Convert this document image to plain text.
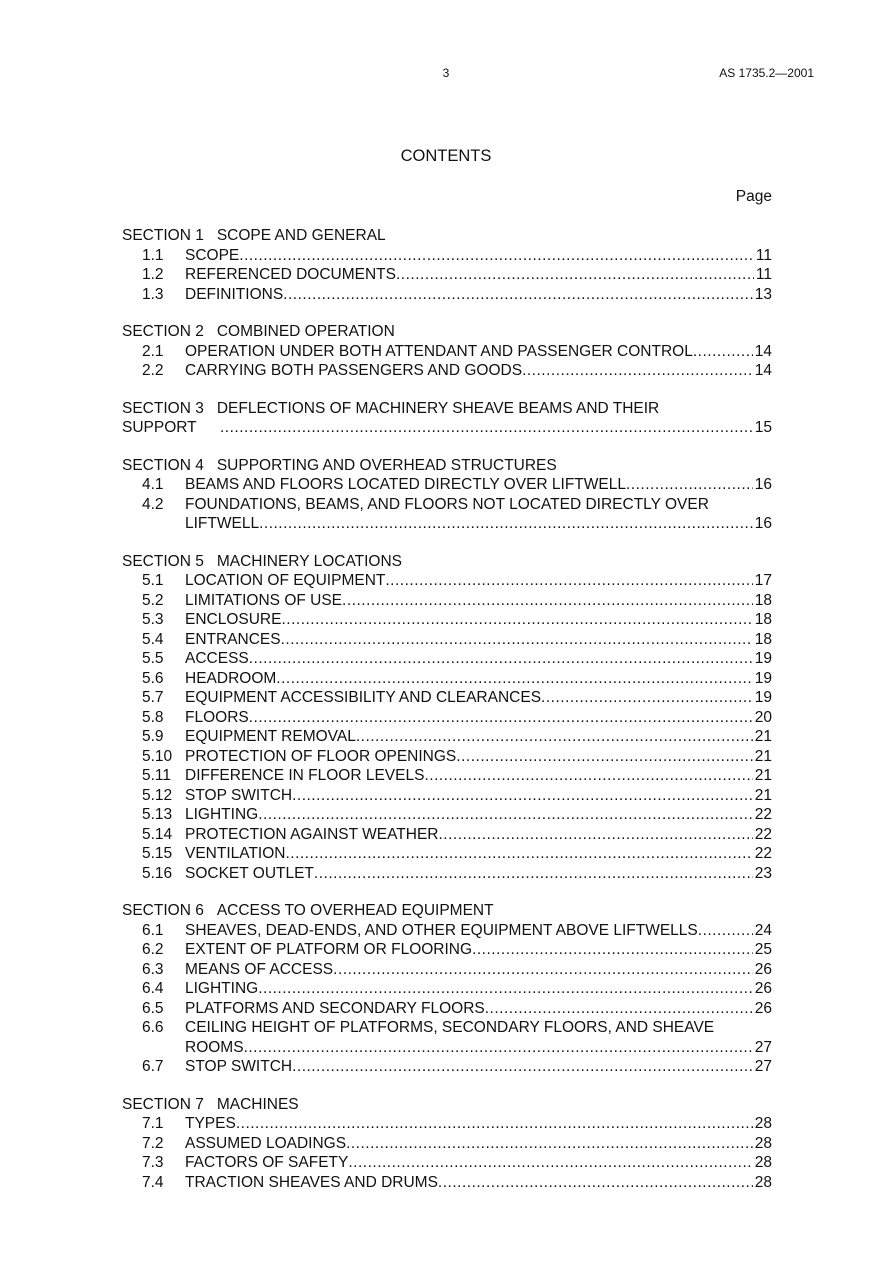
3	AS 1735.2—2001
CONTENTS
Page
SECTION 1 SCOPE AND GENERAL
1.1 SCOPE .....	11
1.2 REFERENCED DOCUMENTS .....	11
1.3 DEFINITIONS .....	13
SECTION 2 COMBINED OPERATION
2.1 OPERATION UNDER BOTH ATTENDANT AND PASSENGER CONTROL .....	14
2.2 CARRYING BOTH PASSENGERS AND GOODS .....	14
SECTION 3 DEFLECTIONS OF MACHINERY SHEAVE BEAMS AND THEIR
SUPPORT .....	15
SECTION 4 SUPPORTING AND OVERHEAD STRUCTURES
4.1 BEAMS AND FLOORS LOCATED DIRECTLY OVER LIFTWELL .....	16
4.2 FOUNDATIONS, BEAMS, AND FLOORS NOT LOCATED DIRECTLY OVER
LIFTWELL .....	16
SECTION 5 MACHINERY LOCATIONS
5.1 LOCATION OF EQUIPMENT .....	17
5.2 LIMITATIONS OF USE .....	18
5.3 ENCLOSURE .....	18
5.4 ENTRANCES .....	18
5.5 ACCESS .....	19
5.6 HEADROOM .....	19
5.7 EQUIPMENT ACCESSIBILITY AND CLEARANCES .....	19
5.8 FLOORS .....	20
5.9 EQUIPMENT REMOVAL .....	21
5.10 PROTECTION OF FLOOR OPENINGS .....	21
5.11 DIFFERENCE IN FLOOR LEVELS .....	21
5.12 STOP SWITCH .....	21
5.13 LIGHTING .....	22
5.14 PROTECTION AGAINST WEATHER .....	22
5.15 VENTILATION .....	22
5.16 SOCKET OUTLET .....	23
SECTION 6 ACCESS TO OVERHEAD EQUIPMENT
6.1 SHEAVES, DEAD-ENDS, AND OTHER EQUIPMENT ABOVE LIFTWELLS .....	24
6.2 EXTENT OF PLATFORM OR FLOORING .....	25
6.3 MEANS OF ACCESS .....	26
6.4 LIGHTING .....	26
6.5 PLATFORMS AND SECONDARY FLOORS .....	26
6.6 CEILING HEIGHT OF PLATFORMS, SECONDARY FLOORS, AND SHEAVE
ROOMS .....	27
6.7 STOP SWITCH .....	27
SECTION 7 MACHINES
7.1 TYPES .....	28
7.2 ASSUMED LOADINGS .....	28
7.3 FACTORS OF SAFETY .....	28
7.4 TRACTION SHEAVES AND DRUMS .....	28
